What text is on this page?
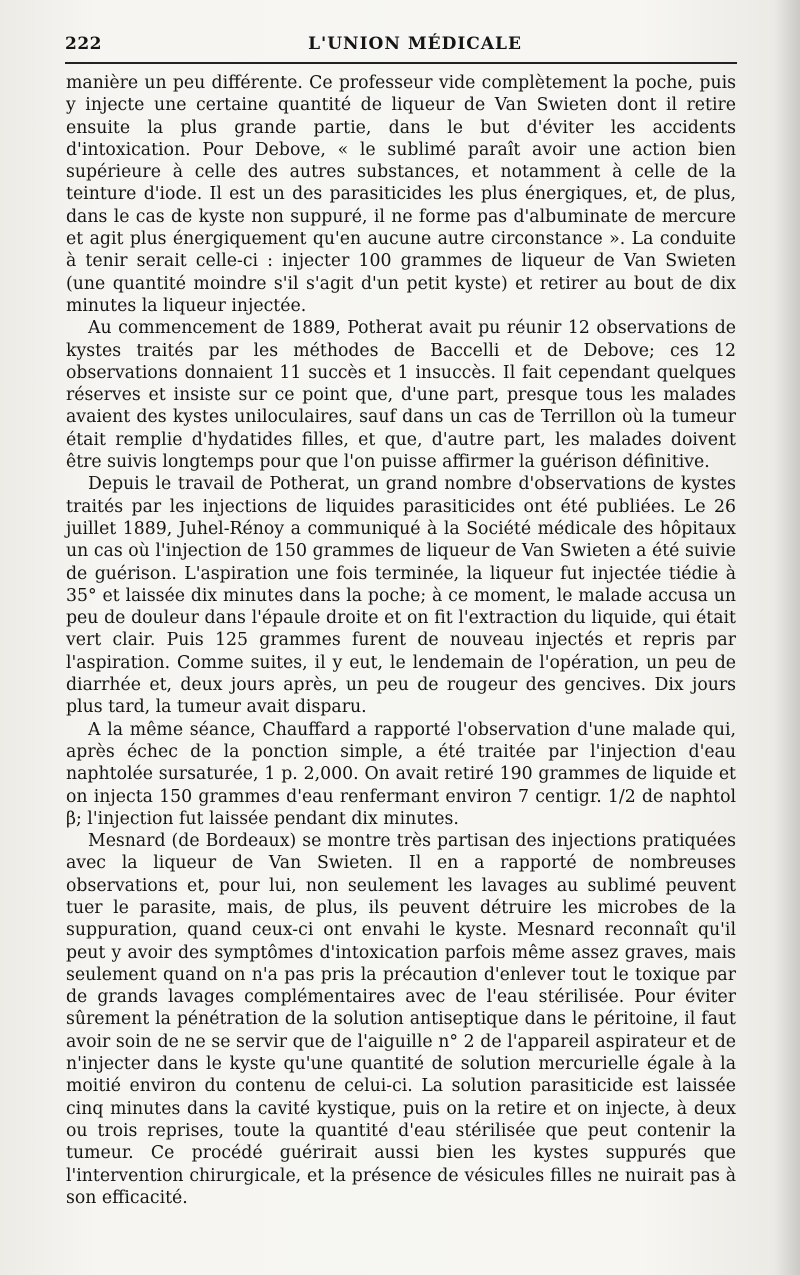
222	L'UNION MÉDICALE

manière un peu différente. Ce professeur vide complètement la poche, puis y injecte une certaine quantité de liqueur de Van Swieten dont il retire ensuite la plus grande partie, dans le but d'éviter les accidents d'intoxication. Pour Debove, « le sublimé paraît avoir une action bien supérieure à celle des autres substances, et notamment à celle de la teinture d'iode. Il est un des parasiticides les plus énergiques, et, de plus, dans le cas de kyste non suppuré, il ne forme pas d'albuminate de mercure et agit plus énergiquement qu'en aucune autre circonstance ». La conduite à tenir serait celle-ci : injecter 100 grammes de liqueur de Van Swieten (une quantité moindre s'il s'agit d'un petit kyste) et retirer au bout de dix minutes la liqueur injectée.

Au commencement de 1889, Potherat avait pu réunir 12 observations de kystes traités par les méthodes de Baccelli et de Debove; ces 12 observations donnaient 11 succès et 1 insuccès. Il fait cependant quelques réserves et insiste sur ce point que, d'une part, presque tous les malades avaient des kystes uniloculaires, sauf dans un cas de Terrillon où la tumeur était remplie d'hydatides filles, et que, d'autre part, les malades doivent être suivis longtemps pour que l'on puisse affirmer la guérison définitive.

Depuis le travail de Potherat, un grand nombre d'observations de kystes traités par les injections de liquides parasiticides ont été publiées. Le 26 juillet 1889, Juhel-Rénoy a communiqué à la Société médicale des hôpitaux un cas où l'injection de 150 grammes de liqueur de Van Swieten a été suivie de guérison. L'aspiration une fois terminée, la liqueur fut injectée tiédie à 35° et laissée dix minutes dans la poche; à ce moment, le malade accusa un peu de douleur dans l'épaule droite et on fit l'extraction du liquide, qui était vert clair. Puis 125 grammes furent de nouveau injectés et repris par l'aspiration. Comme suites, il y eut, le lendemain de l'opération, un peu de diarrhée et, deux jours après, un peu de rougeur des gencives. Dix jours plus tard, la tumeur avait disparu.

A la même séance, Chauffard a rapporté l'observation d'une malade qui, après échec de la ponction simple, a été traitée par l'injection d'eau naphtolée sursaturée, 1 p. 2,000. On avait retiré 190 grammes de liquide et on injecta 150 grammes d'eau renfermant environ 7 centigr. 1/2 de naphtol β; l'injection fut laissée pendant dix minutes.

Mesnard (de Bordeaux) se montre très partisan des injections pratiquées avec la liqueur de Van Swieten. Il en a rapporté de nombreuses observations et, pour lui, non seulement les lavages au sublimé peuvent tuer le parasite, mais, de plus, ils peuvent détruire les microbes de la suppuration, quand ceux-ci ont envahi le kyste. Mesnard reconnaît qu'il peut y avoir des symptômes d'intoxication parfois même assez graves, mais seulement quand on n'a pas pris la précaution d'enlever tout le toxique par de grands lavages complémentaires avec de l'eau stérilisée. Pour éviter sûrement la pénétration de la solution antiseptique dans le péritoine, il faut avoir soin de ne se servir que de l'aiguille n° 2 de l'appareil aspirateur et de n'injecter dans le kyste qu'une quantité de solution mercurielle égale à la moitié environ du contenu de celui-ci. La solution parasiticide est laissée cinq minutes dans la cavité kystique, puis on la retire et on injecte, à deux ou trois reprises, toute la quantité d'eau stérilisée que peut contenir la tumeur. Ce procédé guérirait aussi bien les kystes suppurés que l'intervention chirurgicale, et la présence de vésicules filles ne nuirait pas à son efficacité.
